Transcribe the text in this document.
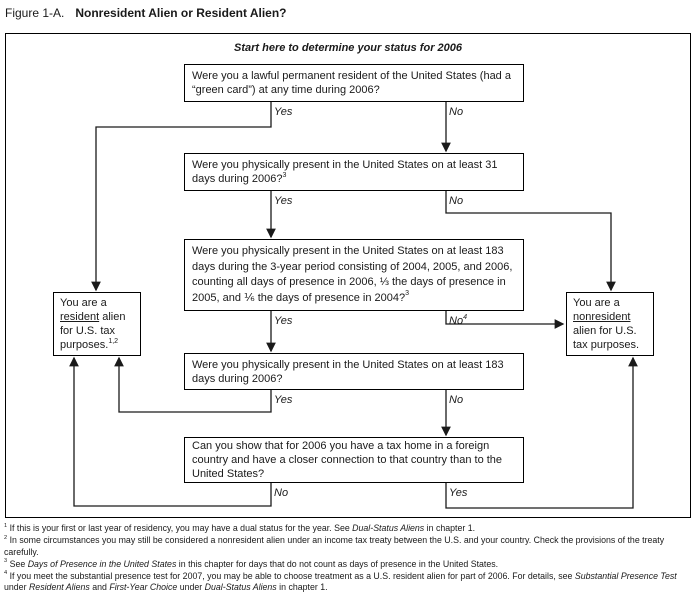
Figure 1-A. Nonresident Alien or Resident Alien?
Start here to determine your status for 2006
Were you a lawful permanent resident of the United States (had a “green card”) at any time during 2006?
Were you physically present in the United States on at least 31 days during 2006?$^3$
Were you physically present in the United States on at least 183 days during the 3-year period consisting of 2004, 2005, and 2006, counting all days of presence in 2006, ⅓ the days of presence in 2005, and ⅙ the days of presence in 2004?$^3$
Were you physically present in the United States on at least 183 days during 2006?
Can you show that for 2006 you have a tax home in a foreign country and have a closer connection to that country than to the United States?
You are a resident alien for U.S. tax purposes.$^{1,2}$
You are a nonresident alien for U.S. tax purposes.
Yes	No
Yes	No
Yes	No$^4$
Yes	No
No	Yes
$^1$ If this is your first or last year of residency, you may have a dual status for the year. See Dual-Status Aliens in chapter 1.
$^2$ In some circumstances you may still be considered a nonresident alien under an income tax treaty between the U.S. and your country. Check the provisions of the treaty carefully.
$^3$ See Days of Presence in the United States in this chapter for days that do not count as days of presence in the United States.
$^4$ If you meet the substantial presence test for 2007, you may be able to choose treatment as a U.S. resident alien for part of 2006. For details, see Substantial Presence Test under Resident Aliens and First-Year Choice under Dual-Status Aliens in chapter 1.
